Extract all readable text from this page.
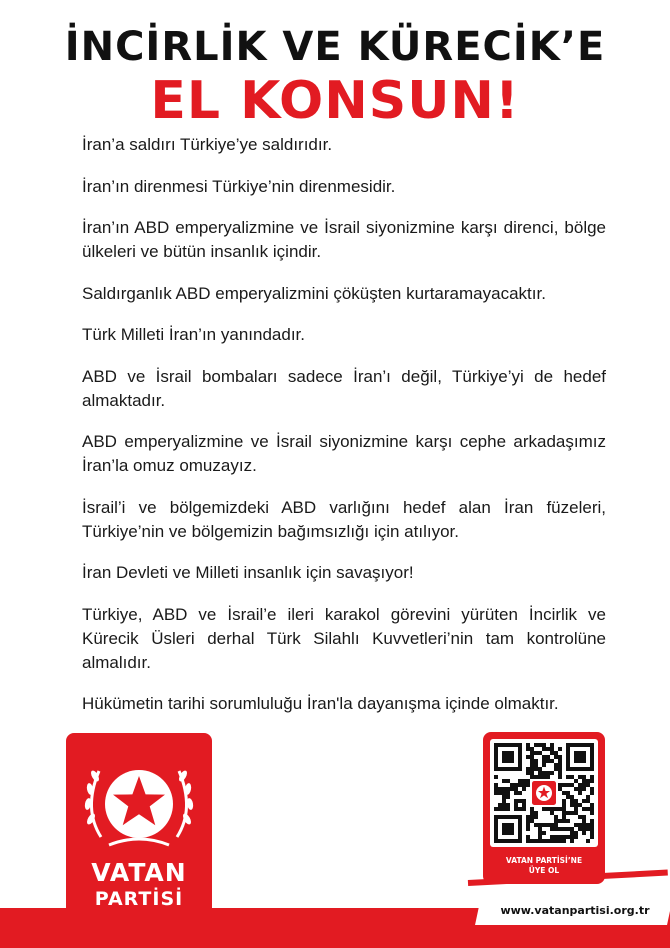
İNCİRLİK VE KÜRECİK’E
EL KONSUN!

İran’a saldırı Türkiye’ye saldırıdır.

İran’ın direnmesi Türkiye’nin direnmesidir.

İran’ın ABD emperyalizmine ve İsrail siyonizmine karşı direnci, bölge ülkeleri ve bütün insanlık içindir.

Saldırganlık ABD emperyalizmini çöküşten kurtaramayacaktır.

Türk Milleti İran’ın yanındadır.

ABD ve İsrail bombaları sadece İran’ı değil, Türkiye’yi de hedef almaktadır.

ABD emperyalizmine ve İsrail siyonizmine karşı cephe arkadaşımız İran’la omuz omuzayız.

İsrail’i ve bölgemizdeki ABD varlığını hedef alan İran füzeleri, Türkiye’nin ve bölgemizin bağımsızlığı için atılıyor.

İran Devleti ve Milleti insanlık için savaşıyor!

Türkiye, ABD ve İsrail’e ileri karakol görevini yürüten İncirlik ve Kürecik Üsleri derhal Türk Silahlı Kuvvetleri’nin tam kontrolüne almalıdır.

Hükümetin tarihi sorumluluğu İran'la dayanışma içinde olmaktır.

www.vatanpartisi.org.tr
VATAN
PARTİSİ
VATAN PARTİSİ’NE
ÜYE OL
